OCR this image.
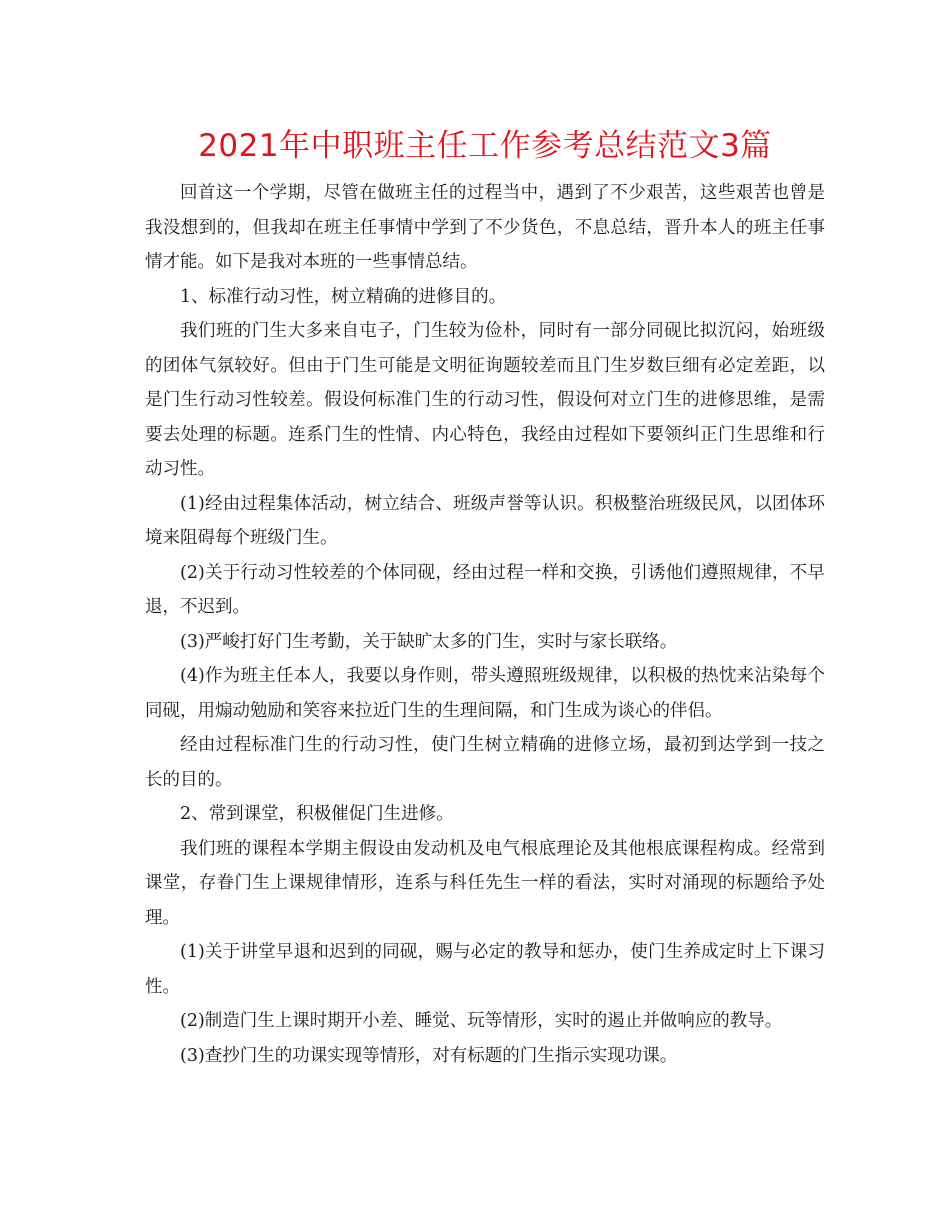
2021年中职班主任工作参考总结范文3篇

回首这一个学期，尽管在做班主任的过程当中，遇到了不少艰苦，这些艰苦也曾是我没想到的，但我却在班主任事情中学到了不少货色，不息总结，晋升本人的班主任事情才能。如下是我对本班的一些事情总结。

1、标准行动习性，树立精确的进修目的。

我们班的门生大多来自屯子，门生较为俭朴，同时有一部分同砚比拟沉闷，始班级的团体气氛较好。但由于门生可能是文明征询题较差而且门生岁数巨细有必定差距，以是门生行动习性较差。假设何标准门生的行动习性，假设何对立门生的进修思维，是需要去处理的标题。连系门生的性情、内心特色，我经由过程如下要领纠正门生思维和行动习性。

(1)经由过程集体活动，树立结合、班级声誉等认识。积极整治班级民风，以团体环境来阻碍每个班级门生。

(2)关于行动习性较差的个体同砚，经由过程一样和交换，引诱他们遵照规律，不早退，不迟到。

(3)严峻打好门生考勤，关于缺旷太多的门生，实时与家长联络。

(4)作为班主任本人，我要以身作则，带头遵照班级规律，以积极的热忱来沾染每个同砚，用煽动勉励和笑容来拉近门生的生理间隔，和门生成为谈心的伴侣。

经由过程标准门生的行动习性，使门生树立精确的进修立场，最初到达学到一技之长的目的。

2、常到课堂，积极催促门生进修。

我们班的课程本学期主假设由发动机及电气根底理论及其他根底课程构成。经常到课堂，存眷门生上课规律情形，连系与科任先生一样的看法，实时对涌现的标题给予处理。

(1)关于讲堂早退和迟到的同砚，赐与必定的教导和惩办，使门生养成定时上下课习性。

(2)制造门生上课时期开小差、睡觉、玩等情形，实时的遏止并做响应的教导。

(3)查抄门生的功课实现等情形，对有标题的门生指示实现功课。
